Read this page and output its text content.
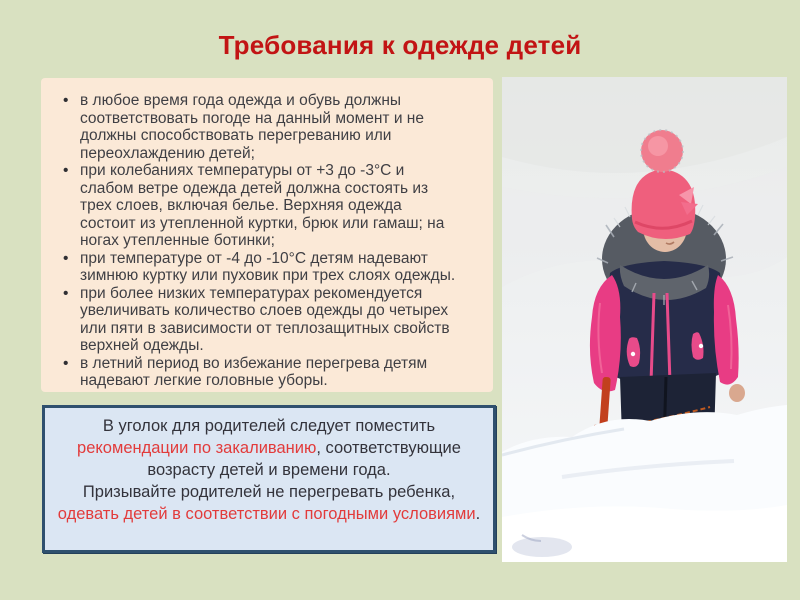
Требования к одежде детей
• в любое время года одежда и обувь должны соответствовать погоде на данный момент и не должны способствовать перегреванию или переохлаждению детей;
• при колебаниях температуры от +3 до -3°С и слабом ветре одежда детей должна состоять из трех слоев, включая белье. Верхняя одежда состоит из утепленной куртки, брюк или гамаш; на ногах утепленные ботинки;
• при температуре от -4 до -10°С детям надевают зимнюю куртку или пуховик при трех слоях одежды.
• при более низких температурах рекомендуется увеличивать количество слоев одежды до четырех или пяти в зависимости от теплозащитных свойств верхней одежды.
• в летний период во избежание перегрева детям надевают легкие головные уборы.
В уголок для родителей следует поместить рекомендации по закаливанию, соответствующие возрасту детей и времени года.
Призывайте родителей не перегревать ребенка, одевать детей в соответствии с погодными условиями.
